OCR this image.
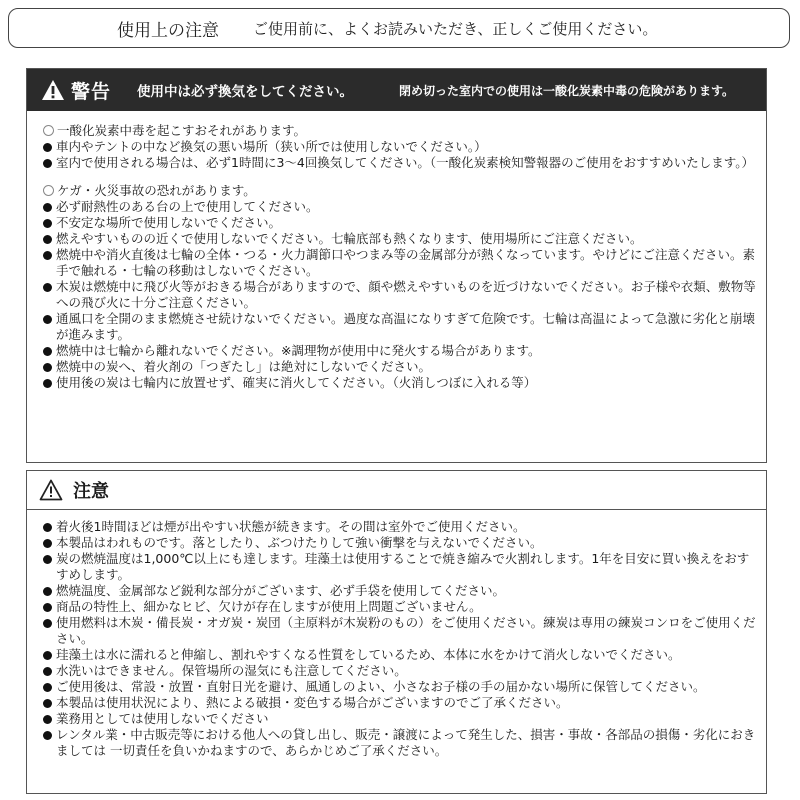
使用上の注意 ご使用前に、よくお読みいただき、正しくご使用ください。
警告 使用中は必ず換気をしてください。	閉め切った室内での使用は一酸化炭素中毒の危険があります。
一酸化炭素中毒を起こすおそれがあります。
車内やテントの中など換気の悪い場所（狭い所では使用しないでください。）
室内で使用される場合は、必ず1時間に3～4回換気してください。（一酸化炭素検知警報器のご使用をおすすめいたします。）
ケガ・火災事故の恐れがあります。
必ず耐熱性のある台の上で使用してください。
不安定な場所で使用しないでください。
燃えやすいものの近くで使用しないでください。七輪底部も熱くなります、使用場所にご注意ください。
燃焼中や消火直後は七輪の全体・つる・火力調節口やつまみ等の金属部分が熱くなっています。やけどにご注意ください。素手で触れる・七輪の移動はしないでください。
木炭は燃焼中に飛び火等がおきる場合がありますので、顔や燃えやすいものを近づけないでください。お子様や衣類、敷物等への飛び火に十分ご注意ください。
通風口を全開のまま燃焼させ続けないでください。過度な高温になりすぎて危険です。七輪は高温によって急激に劣化と崩壊が進みます。
燃焼中は七輪から離れないでください。※調理物が使用中に発火する場合があります。
燃焼中の炭へ、着火剤の「つぎたし」は絶対にしないでください。
使用後の炭は七輪内に放置せず、確実に消火してください。（火消しつぼに入れる等）
注意
着火後1時間ほどは煙が出やすい状態が続きます。その間は室外でご使用ください。
本製品はわれものです。落としたり、ぶつけたりして強い衝撃を与えないでください。
炭の燃焼温度は1,000℃以上にも達します。珪藻土は使用することで焼き縮みで火割れします。1年を目安に買い換えをおすすめします。
燃焼温度、金属部など鋭利な部分がございます、必ず手袋を使用してください。
商品の特性上、細かなヒビ、欠けが存在しますが使用上問題ございません。
使用燃料は木炭・備長炭・オガ炭・炭団（主原料が木炭粉のもの）をご使用ください。練炭は専用の練炭コンロをご使用ください。
珪藻土は水に濡れると伸縮し、割れやすくなる性質をしているため、本体に水をかけて消火しないでください。
水洗いはできません。保管場所の湿気にも注意してください。
ご使用後は、常設・放置・直射日光を避け、風通しのよい、小さなお子様の手の届かない場所に保管してください。
本製品は使用状況により、熱による破損・変色する場合がございますのでご了承ください。
業務用としては使用しないでください
レンタル業・中古販売等における他人への貸し出し、販売・譲渡によって発生した、損害・事故・各部品の損傷・劣化におきましては 一切責任を負いかねますので、あらかじめご了承ください。
